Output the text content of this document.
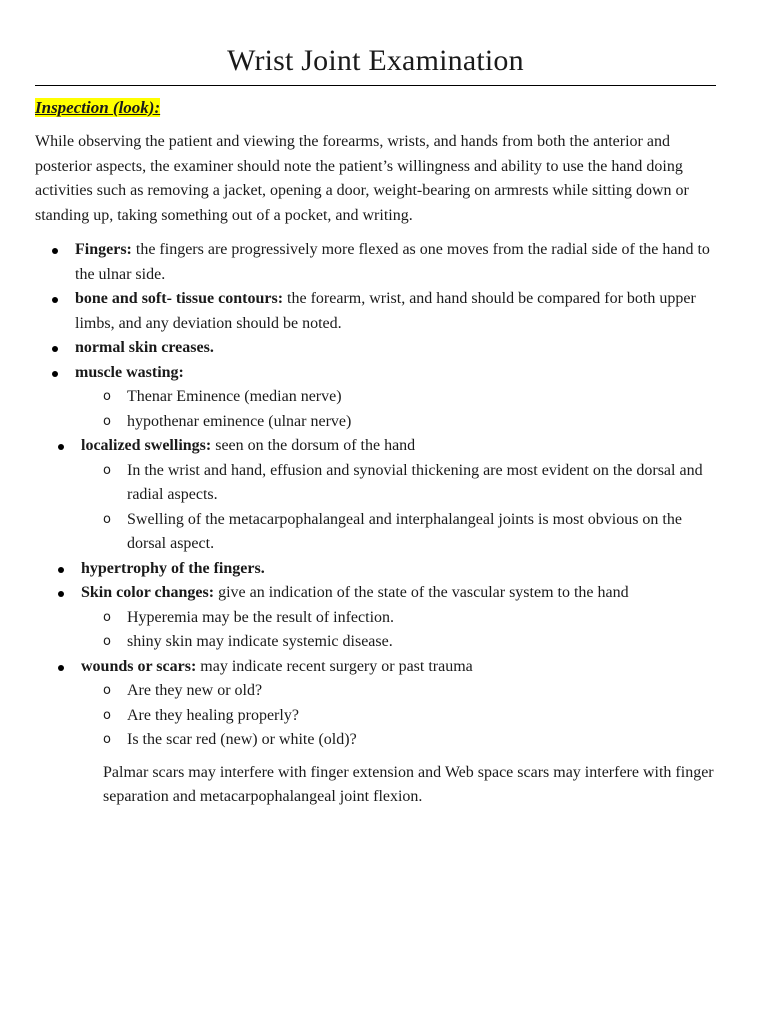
Wrist Joint Examination
Inspection (look):

While observing the patient and viewing the forearms, wrists, and hands from both the anterior and posterior aspects, the examiner should note the patient’s willingness and ability to use the hand doing activities such as removing a jacket, opening a door, weight-bearing on armrests while sitting down or standing up, taking something out of a pocket, and writing.

Fingers: the fingers are progressively more flexed as one moves from the radial side of the hand to the ulnar side.
bone and soft- tissue contours: the forearm, wrist, and hand should be compared for both upper limbs, and any deviation should be noted.
normal skin creases.
muscle wasting:
o Thenar Eminence (median nerve)
o hypothenar eminence (ulnar nerve)
localized swellings: seen on the dorsum of the hand
o In the wrist and hand, effusion and synovial thickening are most evident on the dorsal and radial aspects.
o Swelling of the metacarpophalangeal and interphalangeal joints is most obvious on the dorsal aspect.
hypertrophy of the fingers.
Skin color changes: give an indication of the state of the vascular system to the hand
o Hyperemia may be the result of infection.
o shiny skin may indicate systemic disease.
wounds or scars: may indicate recent surgery or past trauma
o Are they new or old?
o Are they healing properly?
o Is the scar red (new) or white (old)?

Palmar scars may interfere with finger extension and Web space scars may interfere with finger separation and metacarpophalangeal joint flexion.
